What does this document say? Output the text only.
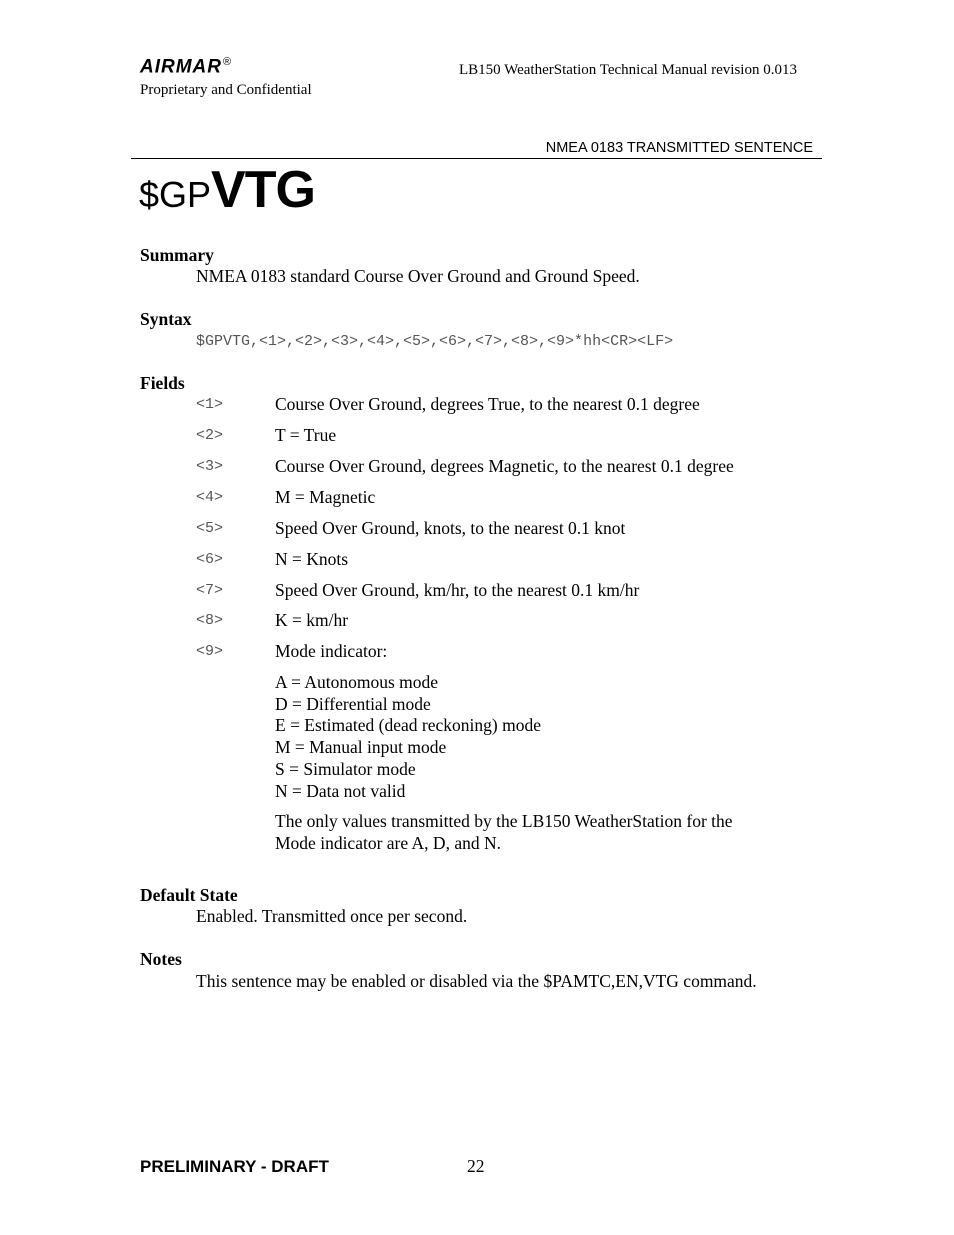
AIRMAR®
Proprietary and Confidential
LB150 WeatherStation Technical Manual revision 0.013
NMEA 0183 TRANSMITTED SENTENCE
$GPVTG
Summary
NMEA 0183 standard Course Over Ground and Ground Speed.
Syntax
$GPVTG,<1>,<2>,<3>,<4>,<5>,<6>,<7>,<8>,<9>*hh<CR><LF>
Fields
<1>	Course Over Ground, degrees True, to the nearest 0.1 degree
<2>	T = True
<3>	Course Over Ground, degrees Magnetic, to the nearest 0.1 degree
<4>	M = Magnetic
<5>	Speed Over Ground, knots, to the nearest 0.1 knot
<6>	N = Knots
<7>	Speed Over Ground, km/hr, to the nearest 0.1 km/hr
<8>	K = km/hr
<9>	Mode indicator:
A = Autonomous mode
D = Differential mode
E = Estimated (dead reckoning) mode
M = Manual input mode
S = Simulator mode
N = Data not valid
The only values transmitted by the LB150 WeatherStation for the
Mode indicator are A, D, and N.
Default State
Enabled. Transmitted once per second.
Notes
This sentence may be enabled or disabled via the $PAMTC,EN,VTG command.
PRELIMINARY - DRAFT	22
